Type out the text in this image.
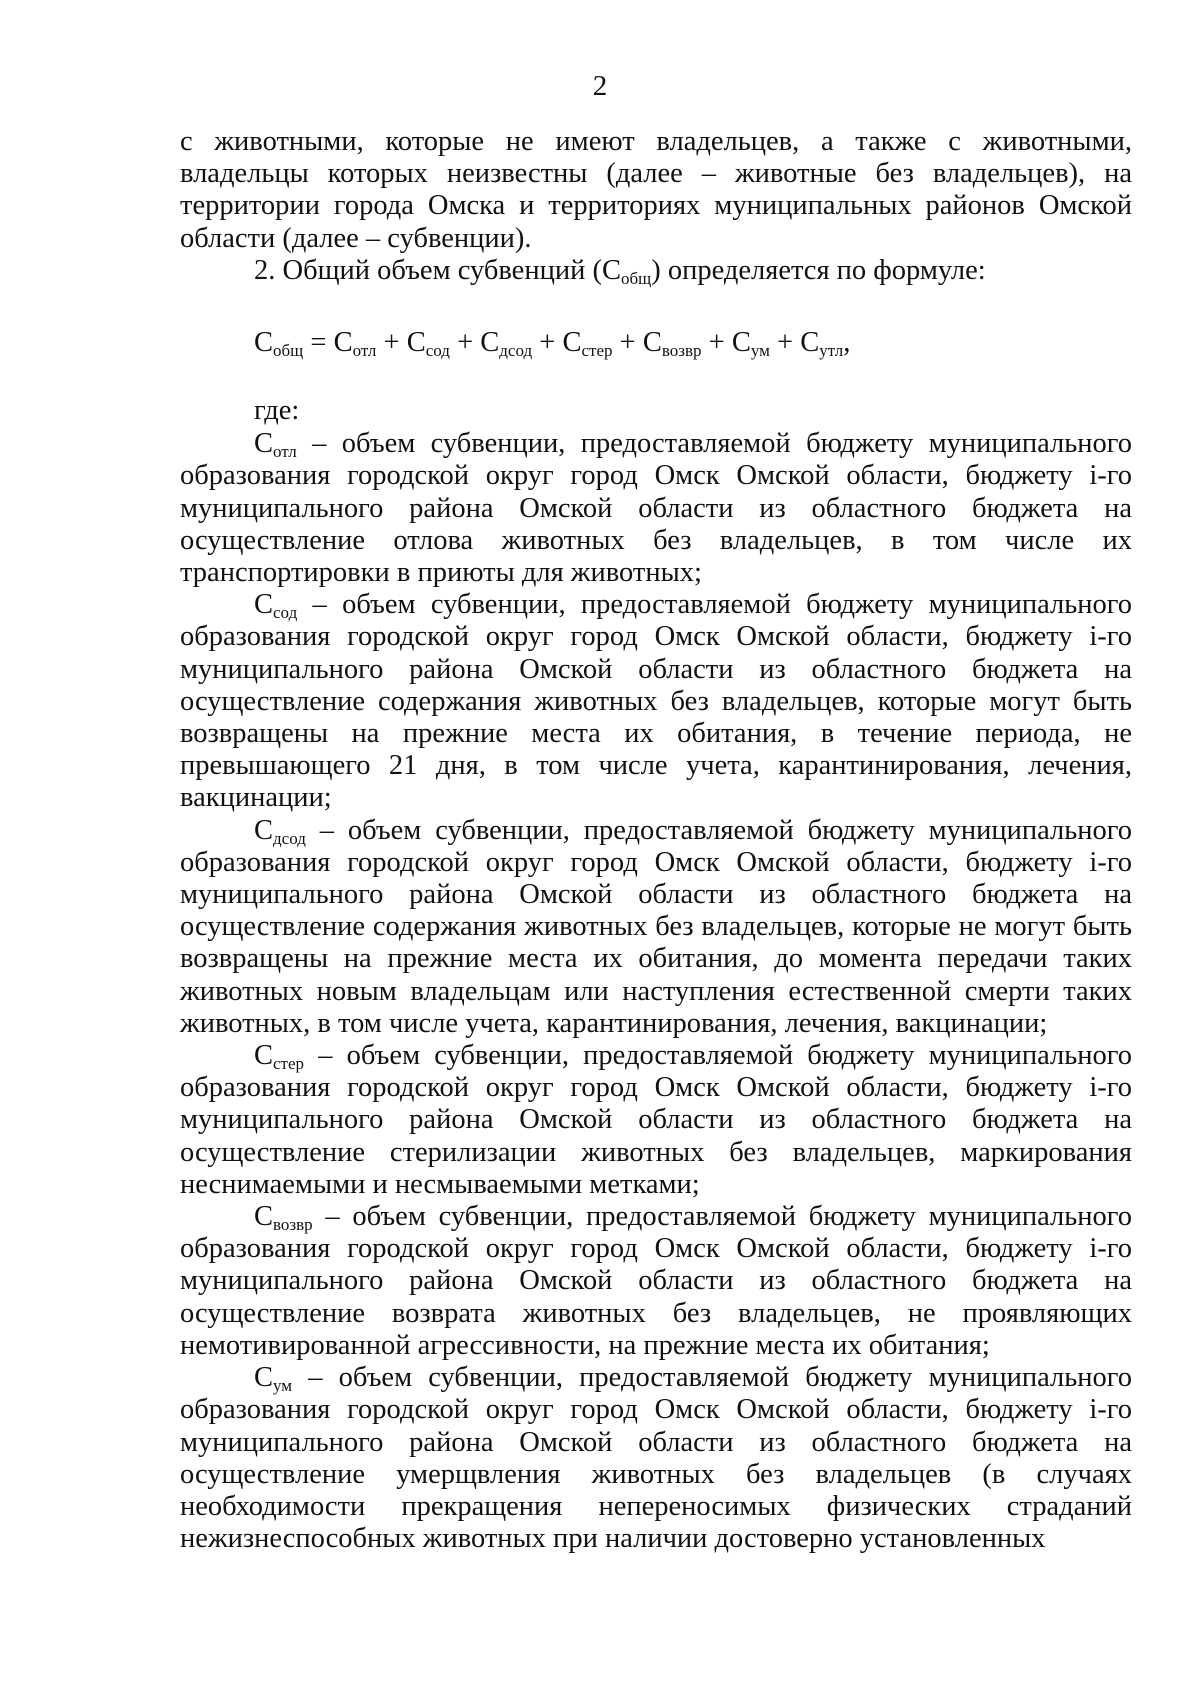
2

с животными, которые не имеют владельцев, а также с животными, владельцы которых неизвестны (далее – животные без владельцев), на территории города Омска и территориях муниципальных районов Омской области (далее – субвенции).

2. Общий объем субвенций $(С_{общ})$ определяется по формуле:

$С_{общ} = С_{отл} + С_{сод} + С_{дсод} + С_{стер} + С_{возвр} + С_{ум} + С_{утл}$,
где:

$С_{отл}$ – объем субвенции, предоставляемой бюджету муниципального образования городской округ город Омск Омской области, бюджету i-го муниципального района Омской области из областного бюджета на осуществление отлова животных без владельцев, в том числе их транспортировки в приюты для животных;

$С_{сод}$ – объем субвенции, предоставляемой бюджету муниципального образования городской округ город Омск Омской области, бюджету i-го муниципального района Омской области из областного бюджета на осуществление содержания животных без владельцев, которые могут быть возвращены на прежние места их обитания, в течение периода, не превышающего 21 дня, в том числе учета, карантинирования, лечения, вакцинации;

$С_{дсод}$ – объем субвенции, предоставляемой бюджету муниципального образования городской округ город Омск Омской области, бюджету i-го муниципального района Омской области из областного бюджета на осуществление содержания животных без владельцев, которые не могут быть возвращены на прежние места их обитания, до момента передачи таких животных новым владельцам или наступления естественной смерти таких животных, в том числе учета, карантинирования, лечения, вакцинации;

$С_{стер}$ – объем субвенции, предоставляемой бюджету муниципального образования городской округ город Омск Омской области, бюджету i-го муниципального района Омской области из областного бюджета на осуществление стерилизации животных без владельцев, маркирования неснимаемыми и несмываемыми метками;

$С_{возвр}$ – объем субвенции, предоставляемой бюджету муниципального образования городской округ город Омск Омской области, бюджету i-го муниципального района Омской области из областного бюджета на осуществление возврата животных без владельцев, не проявляющих немотивированной агрессивности, на прежние места их обитания;

$С_{ум}$ – объем субвенции, предоставляемой бюджету муниципального образования городской округ город Омск Омской области, бюджету i-го муниципального района Омской области из областного бюджета на осуществление умерщвления животных без владельцев (в случаях необходимости прекращения непереносимых физических страданий нежизнеспособных животных при наличии достоверно установленных
